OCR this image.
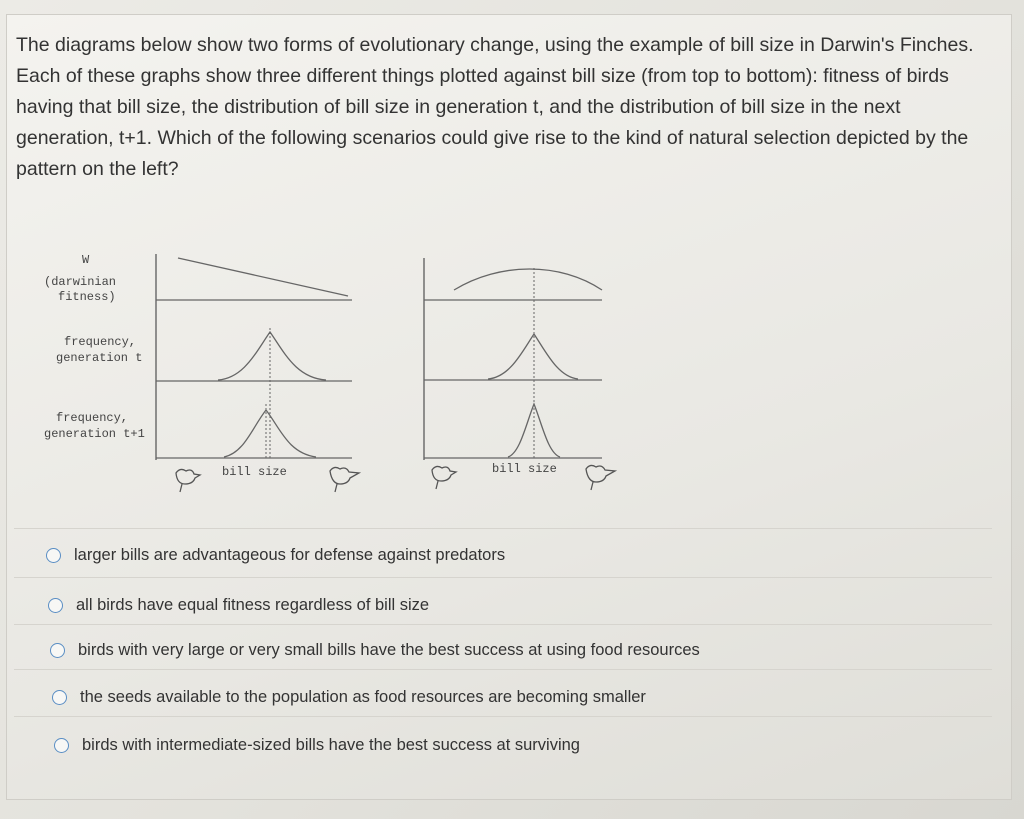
The diagrams below show two forms of evolutionary change, using the example of bill size in Darwin's Finches. Each of these graphs show three different things plotted against bill size (from top to bottom): fitness of birds having that bill size, the distribution of bill size in generation t, and the distribution of bill size in the next generation, t+1. Which of the following scenarios could give rise to the kind of natural selection depicted by the pattern on the left?

W
(darwinian
fitness)
frequency,
generation t
frequency,
generation t+1
bill size	bill size
larger bills are advantageous for defense against predators
all birds have equal fitness regardless of bill size
birds with very large or very small bills have the best success at using food resources
the seeds available to the population as food resources are becoming smaller
birds with intermediate-sized bills have the best success at surviving
